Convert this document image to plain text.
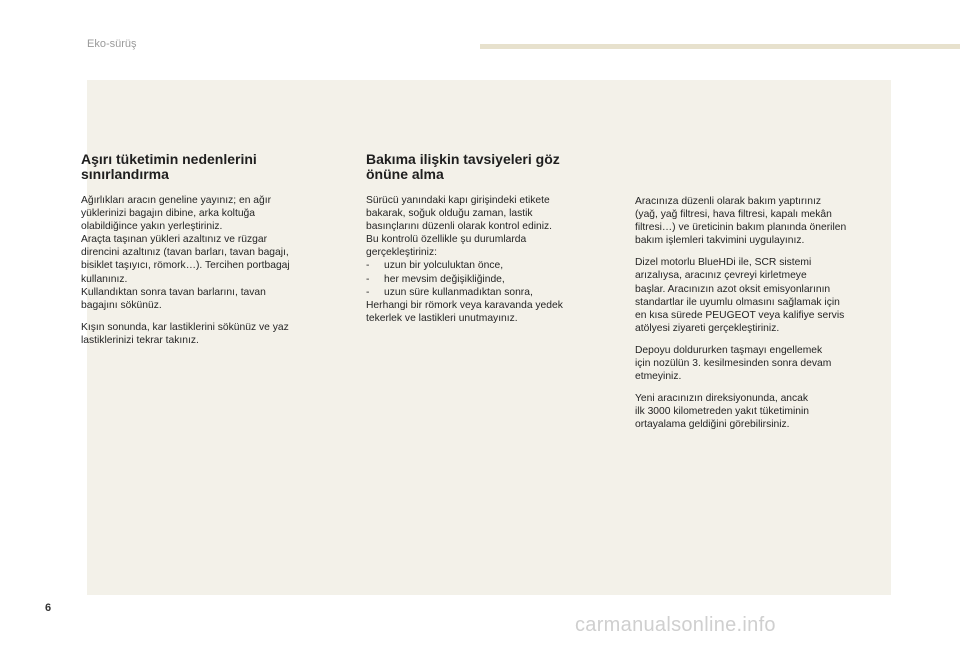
Eko-sürüş
Aşırı tüketimin nedenlerini
sınırlandırma

Ağırlıkları aracın geneline yayınız; en ağır
yüklerinizi bagajın dibine, arka koltuğa
olabildiğince yakın yerleştiriniz.
Araçta taşınan yükleri azaltınız ve rüzgar
direncini azaltınız (tavan barları, tavan bagajı,
bisiklet taşıyıcı, römork…). Tercihen portbagaj
kullanınız.
Kullandıktan sonra tavan barlarını, tavan
bagajını sökünüz.

Kışın sonunda, kar lastiklerini sökünüz ve yaz
lastiklerinizi tekrar takınız.

Bakıma ilişkin tavsiyeleri göz
önüne alma

Sürücü yanındaki kapı girişindeki etikete
bakarak, soğuk olduğu zaman, lastik
basınçlarını düzenli olarak kontrol ediniz.
Bu kontrolü özellikle şu durumlarda
gerçekleştiriniz:
- uzun bir yolculuktan önce,
- her mevsim değişikliğinde,
- uzun süre kullanmadıktan sonra,
Herhangi bir römork veya karavanda yedek
tekerlek ve lastikleri unutmayınız.

Aracınıza düzenli olarak bakım yaptırınız
(yağ, yağ filtresi, hava filtresi, kapalı mekân
filtresi…) ve üreticinin bakım planında önerilen
bakım işlemleri takvimini uygulayınız.

Dizel motorlu BlueHDi ile, SCR sistemi
arızalıysa, aracınız çevreyi kirletmeye
başlar. Aracınızın azot oksit emisyonlarının
standartlar ile uyumlu olmasını sağlamak için
en kısa sürede PEUGEOT veya kalifiye servis
atölyesi ziyareti gerçekleştiriniz.

Depoyu doldururken taşmayı engellemek
için nozülün 3. kesilmesinden sonra devam
etmeyiniz.

Yeni aracınızın direksiyonunda, ancak
ilk 3000 kilometreden yakıt tüketiminin
ortayalama geldiğini görebilirsiniz.

6
carmanualsonline.info
